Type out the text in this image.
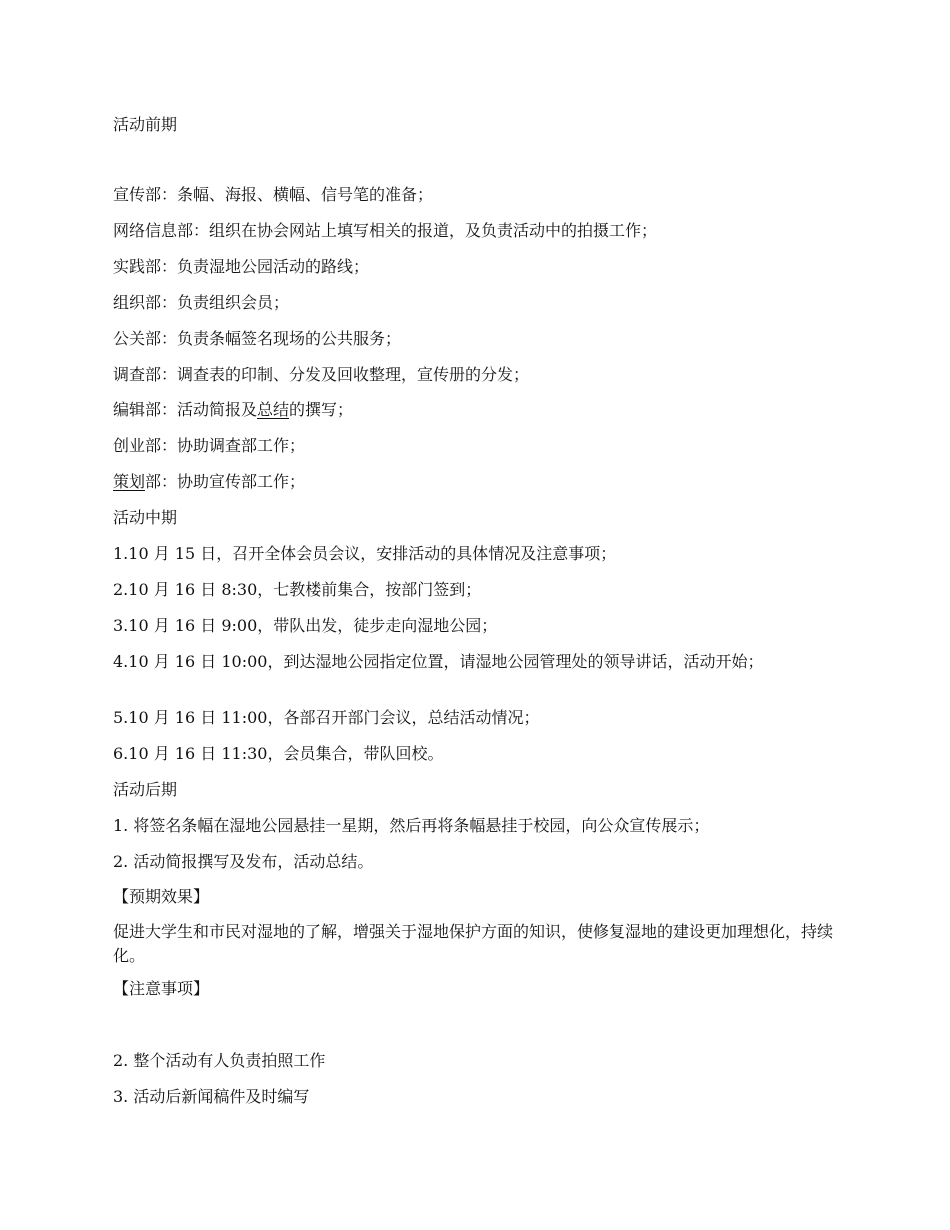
活动前期

宣传部：条幅、海报、横幅、信号笔的准备；

网络信息部：组织在协会网站上填写相关的报道，及负责活动中的拍摄工作；

实践部：负责湿地公园活动的路线；

组织部：负责组织会员；

公关部：负责条幅签名现场的公共服务；

调查部：调查表的印制、分发及回收整理，宣传册的分发；

编辑部：活动简报及总结的撰写；

创业部：协助调查部工作；

策划部：协助宣传部工作；

活动中期

1.10 月 15 日，召开全体会员会议，安排活动的具体情况及注意事项；

2.10 月 16 日 8:30，七教楼前集合，按部门签到；

3.10 月 16 日 9:00，带队出发，徒步走向湿地公园；

4.10 月 16 日 10:00，到达湿地公园指定位置，请湿地公园管理处的领导讲话，活动开始；

5.10 月 16 日 11:00，各部召开部门会议，总结活动情况；

6.10 月 16 日 11:30，会员集合，带队回校。

活动后期

1. 将签名条幅在湿地公园悬挂一星期，然后再将条幅悬挂于校园，向公众宣传展示；

2. 活动简报撰写及发布，活动总结。

【预期效果】

促进大学生和市民对湿地的了解，增强关于湿地保护方面的知识，使修复湿地的建设更加理想化，持续化。

【注意事项】

2. 整个活动有人负责拍照工作

3. 活动后新闻稿件及时编写
